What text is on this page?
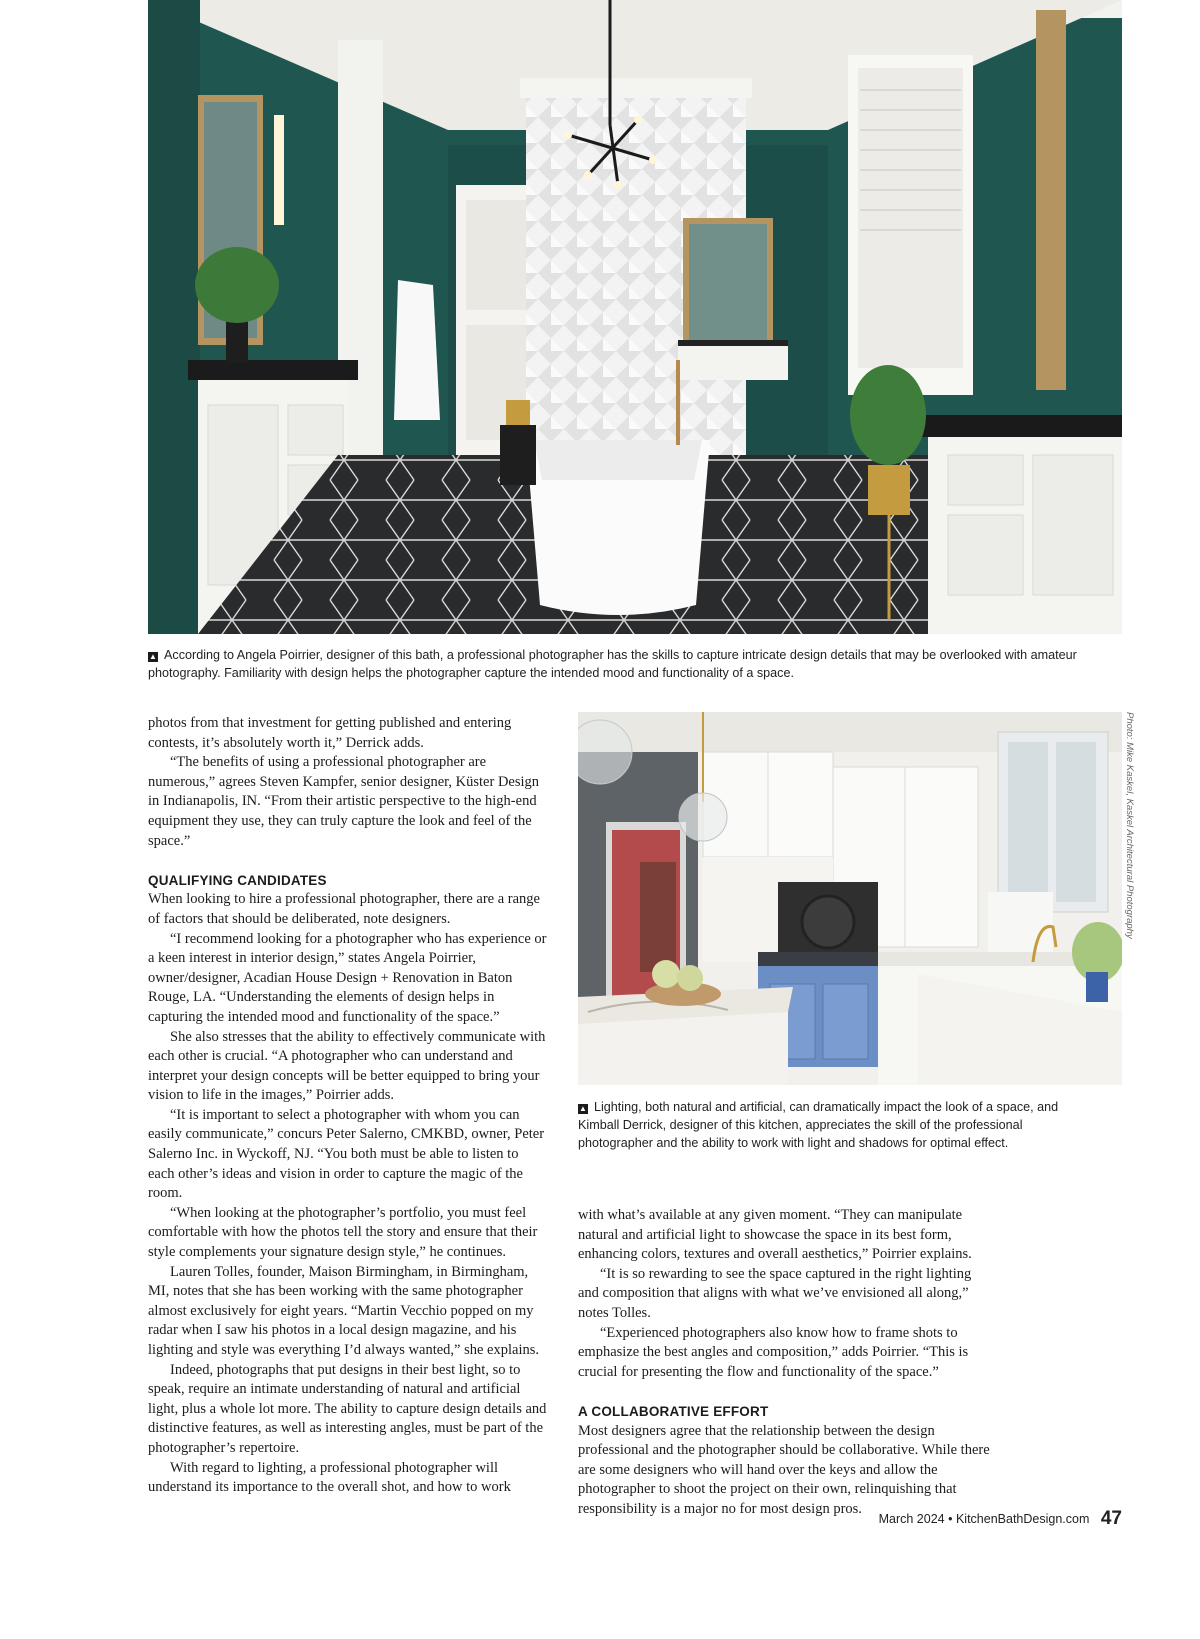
▲ According to Angela Poirrier, designer of this bath, a professional photographer has the skills to capture intricate design details that may be overlooked with amateur photography. Familiarity with design helps the photographer capture the intended mood and functionality of a space.
Photo: Mike Kaskel, Kaskel Architectural Photography
▲ Lighting, both natural and artificial, can dramatically impact the look of a space, and Kimball Derrick, designer of this kitchen, appreciates the skill of the professional photographer and the ability to work with light and shadows for optimal effect.

photos from that investment for getting published and entering contests, it’s absolutely worth it,” Derrick adds.

“The benefits of using a professional photographer are numerous,” agrees Steven Kampfer, senior designer, Küster Design in Indianapolis, IN. “From their artistic perspective to the high-end equipment they use, they can truly capture the look and feel of the space.”

QUALIFYING CANDIDATES

When looking to hire a professional photographer, there are a range of factors that should be deliberated, note designers.

“I recommend looking for a photographer who has experience or a keen interest in interior design,” states Angela Poirrier, owner/designer, Acadian House Design + Renovation in Baton Rouge, LA. “Understanding the elements of design helps in capturing the intended mood and functionality of the space.”

She also stresses that the ability to effectively communicate with each other is crucial. “A photographer who can understand and interpret your design concepts will be better equipped to bring your vision to life in the images,” Poirrier adds.

“It is important to select a photographer with whom you can easily communicate,” concurs Peter Salerno, CMKBD, owner, Peter Salerno Inc. in Wyckoff, NJ. “You both must be able to listen to each other’s ideas and vision in order to capture the magic of the room.

“When looking at the photographer’s portfolio, you must feel comfortable with how the photos tell the story and ensure that their style complements your signature design style,” he continues.

Lauren Tolles, founder, Maison Birmingham, in Birmingham, MI, notes that she has been working with the same photographer almost exclusively for eight years. “Martin Vecchio popped on my radar when I saw his photos in a local design magazine, and his lighting and style was everything I’d always wanted,” she explains.

Indeed, photographs that put designs in their best light, so to speak, require an intimate understanding of natural and artificial light, plus a whole lot more. The ability to capture design details and distinctive features, as well as interesting angles, must be part of the photographer’s repertoire.

With regard to lighting, a professional photographer will understand its importance to the overall shot, and how to work

with what’s available at any given moment. “They can manipulate natural and artificial light to showcase the space in its best form, enhancing colors, textures and overall aesthetics,” Poirrier explains.

“It is so rewarding to see the space captured in the right lighting and composition that aligns with what we’ve envisioned all along,” notes Tolles.

“Experienced photographers also know how to frame shots to emphasize the best angles and composition,” adds Poirrier. “This is crucial for presenting the flow and functionality of the space.”

A COLLABORATIVE EFFORT

Most designers agree that the relationship between the design professional and the photographer should be collaborative. While there are some designers who will hand over the keys and allow the photographer to shoot the project on their own, relinquishing that responsibility is a major no for most design pros.

March 2024 • KitchenBathDesign.com 47
